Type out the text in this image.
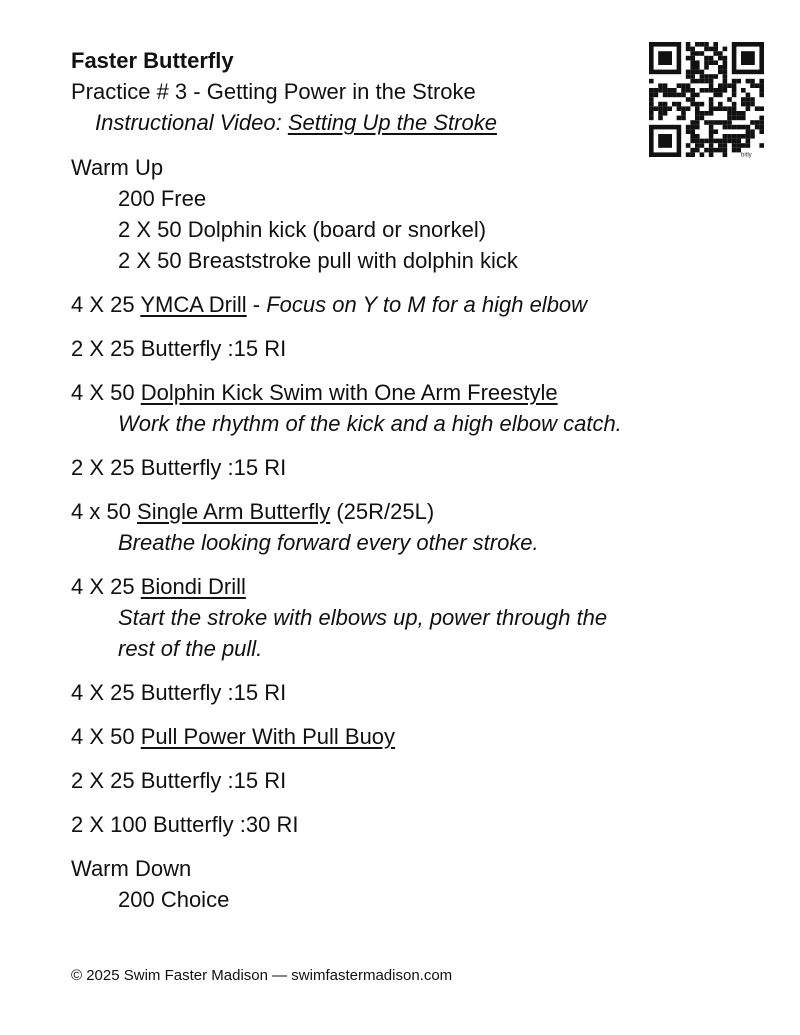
Faster Butterfly
Practice # 3 - Getting Power in the Stroke
Instructional Video: Setting Up the Stroke
bitly
Warm Up
200 Free
2 X 50 Dolphin kick (board or snorkel)
2 X 50 Breaststroke pull with dolphin kick
4 X 25 YMCA Drill - Focus on Y to M for a high elbow
2 X 25 Butterfly :15 RI
4 X 50 Dolphin Kick Swim with One Arm Freestyle
Work the rhythm of the kick and a high elbow catch.
2 X 25 Butterfly :15 RI
4 x 50 Single Arm Butterfly (25R/25L)
Breathe looking forward every other stroke.
4 X 25 Biondi Drill
Start the stroke with elbows up, power through the
rest of the pull.
4 X 25 Butterfly :15 RI
4 X 50 Pull Power With Pull Buoy
2 X 25 Butterfly :15 RI
2 X 100 Butterfly :30 RI
Warm Down
200 Choice
© 2025 Swim Faster Madison — swimfastermadison.com
